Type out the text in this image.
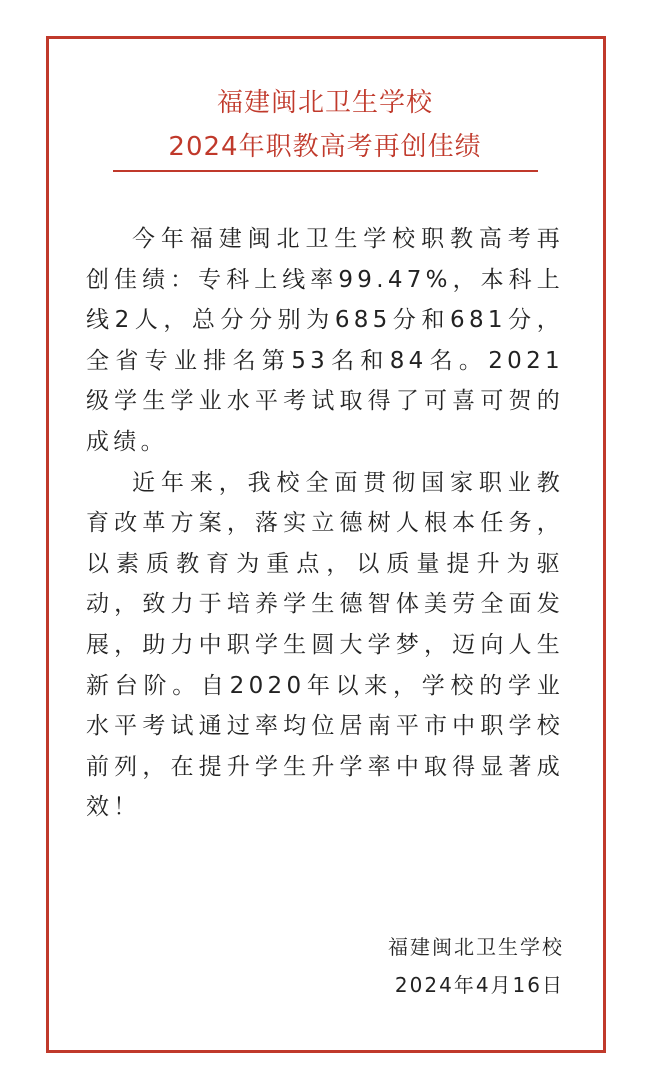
福建闽北卫生学校
2024年职教高考再创佳绩

今年福建闽北卫生学校职教高考再创佳绩：专科上线率99.47%，本科上线2人，总分分别为685分和681分，全省专业排名第53名和84名。2021级学生学业水平考试取得了可喜可贺的成绩。

近年来，我校全面贯彻国家职业教育改革方案，落实立德树人根本任务，以素质教育为重点，以质量提升为驱动，致力于培养学生德智体美劳全面发展，助力中职学生圆大学梦，迈向人生新台阶。自2020年以来，学校的学业水平考试通过率均位居南平市中职学校前列，在提升学生升学率中取得显著成效！

福建闽北卫生学校
2024年4月16日
